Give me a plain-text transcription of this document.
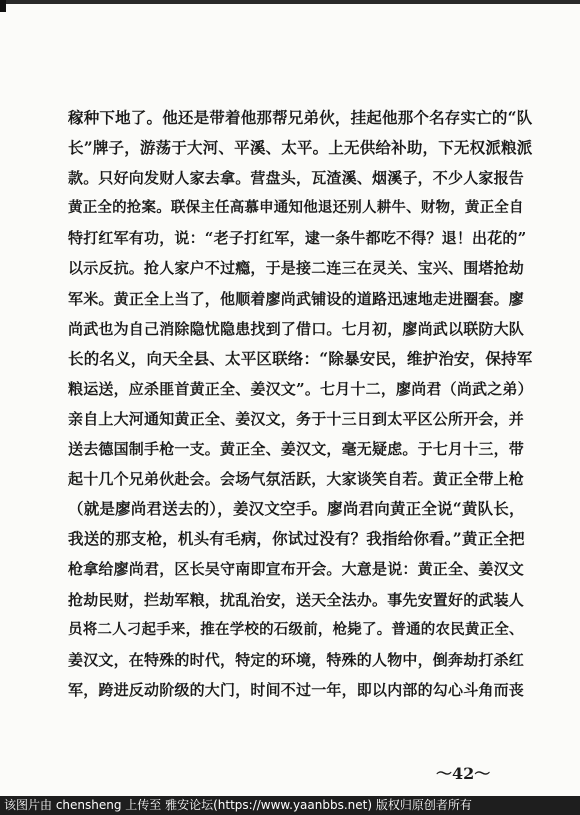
稼种下地了。他还是带着他那帮兄弟伙，挂起他那个名存实亡的“队
长”牌子，游荡于大河、平溪、太平。上无供给补助，下无权派粮派
款。只好向发财人家去拿。营盘头，瓦渣溪、烟溪子，不少人家报告
黄正全的抢案。联保主任高慕申通知他退还别人耕牛、财物，黄正全自
特打红军有功，说：“老子打红军，逮一条牛都吃不得？退！出花的”
以示反抗。抢人家户不过瘾，于是接二连三在灵关、宝兴、围塔抢劫
军米。黄正全上当了，他顺着廖尚武铺设的道路迅速地走进圈套。廖
尚武也为自己消除隐忧隐患找到了借口。七月初，廖尚武以联防大队
长的名义，向天全县、太平区联络：“除暴安民，维护治安，保持军
粮运送，应杀匪首黄正全、姜汉文”。七月十二，廖尚君（尚武之弟）
亲自上大河通知黄正全、姜汉文，务于十三日到太平区公所开会，并
送去德国制手枪一支。黄正全、姜汉文，毫无疑虑。于七月十三，带
起十几个兄弟伙赴会。会场气氛活跃，大家谈笑自若。黄正全带上枪
（就是廖尚君送去的），姜汉文空手。廖尚君向黄正全说“黄队长，
我送的那支枪，机头有毛病，你试过没有？我指给你看。”黄正全把
枪拿给廖尚君，区长吴守南即宣布开会。大意是说：黄正全、姜汉文
抢劫民财，拦劫军粮，扰乱治安，送天全法办。事先安置好的武装人
员将二人刁起手来，推在学校的石级前，枪毙了。普通的农民黄正全、
姜汉文，在特殊的时代，特定的环境，特殊的人物中，倒奔劫打杀红
军，跨进反动阶级的大门，时间不过一年，即以内部的勾心斗角而丧
～42～
该图片由 chensheng 上传至 雅安论坛(https://www.yaanbbs.net) 版权归原创者所有
